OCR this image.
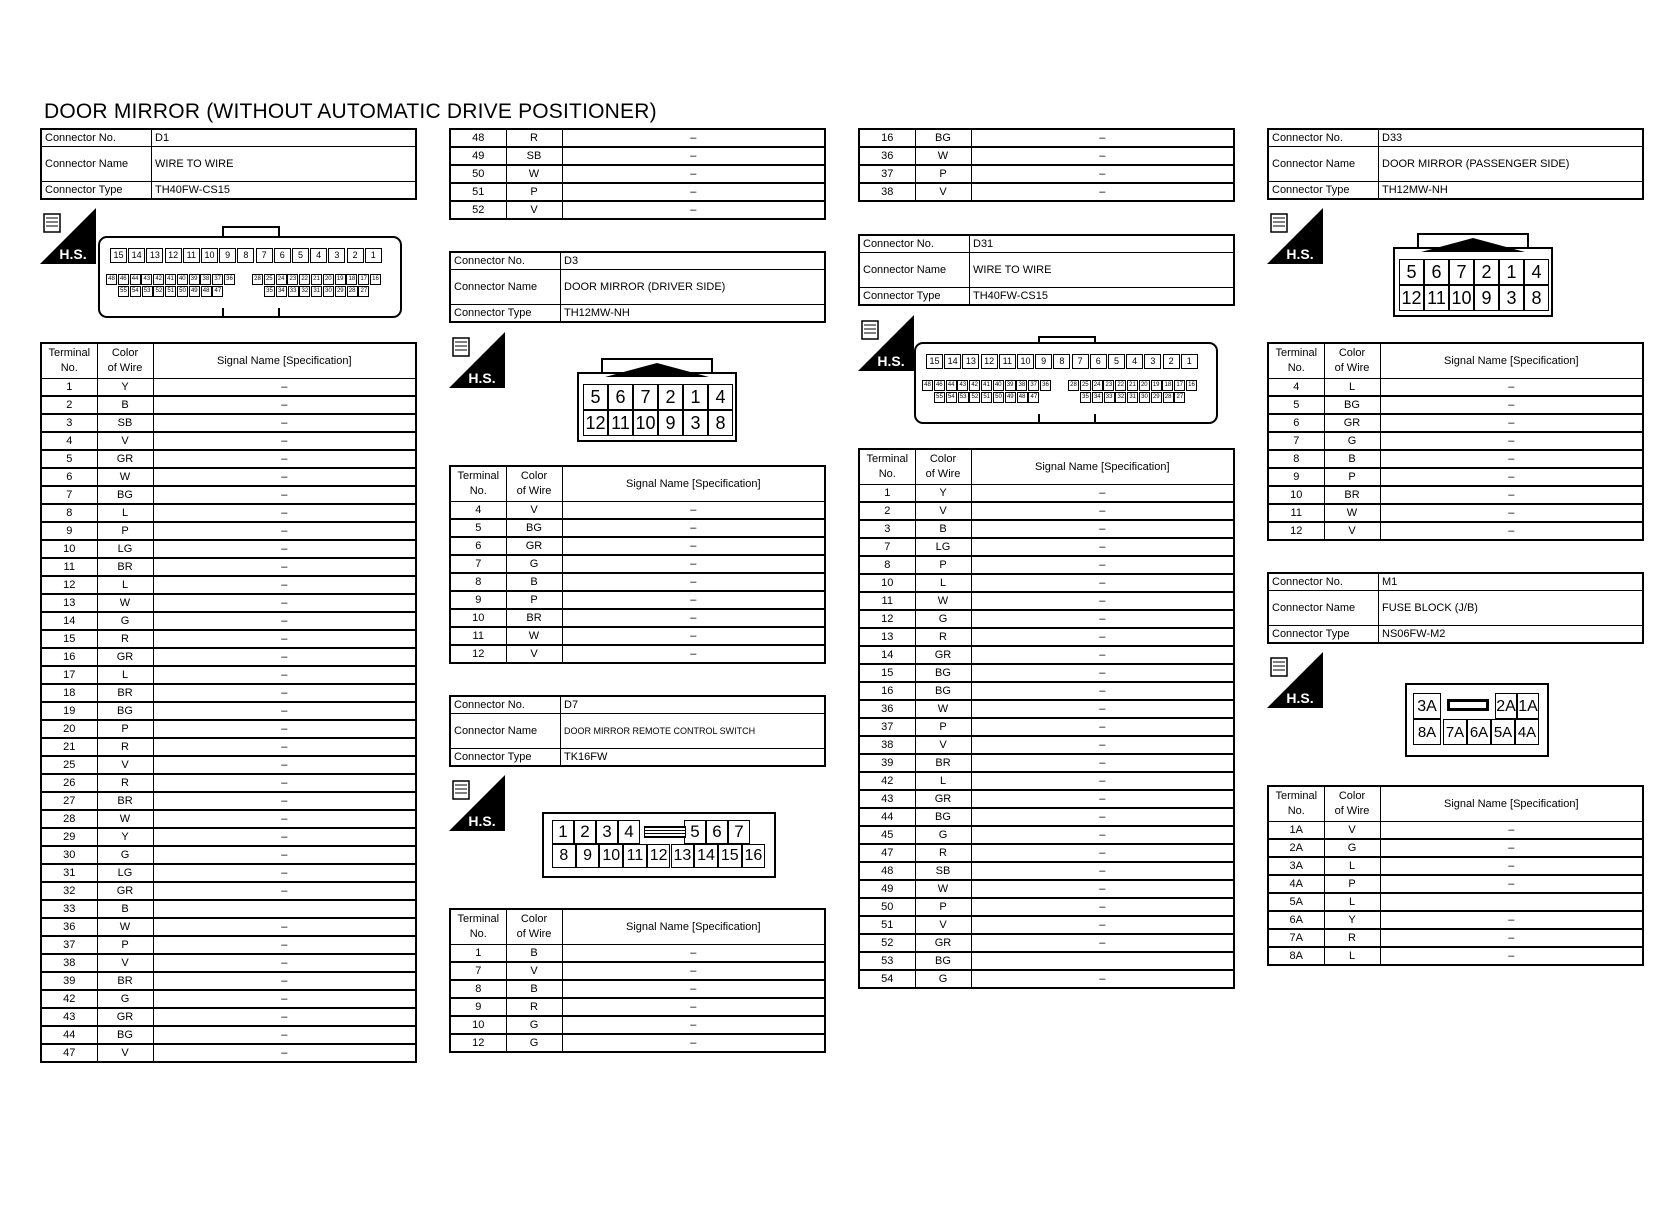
DOOR MIRROR (WITHOUT AUTOMATIC DRIVE POSITIONER)
Connector No.	D1
Connector Name	WIRE TO WIRE
Connector Type	TH40FW-CS15
H.S.	15 14 13 12 11 10	9	8	7	6	5	4	3	2	1
48 46 44 43 42 41 40 39 38 37 36	28 25 24 23 22 21 20 19 18 17 16
55 54 53 52 51 50 49 48 47	35 34 33 32 31 30 29 28 27
Terminal
No.	Color
of Wire	Signal Name [Specification]
1	Y	–
2	B	–
3	SB	–
4	V	–
5	GR	–
6	W	–
7	BG	–
8	L	–
9	P	–
10	LG	–
11	BR	–
12	L	–
13	W	–
14	G	–
15	R	–
16	GR	–
17	L	–
18	BR	–
19	BG	–
20	P	–
21	R	–
25	V	–
26	R	–
27	BR	–
28	W	–
29	Y	–
30	G	–
31	LG	–
32	GR	–
33	B	
36	W	–
37	P	–
38	V	–
39	BR	–
42	G	–
43	GR	–
44	BG	–
47	V	–
48	R	–
49	SB	–
50	W	–
51	P	–
52	V	–
Connector No.	D3
Connector Name	DOOR MIRROR (DRIVER SIDE)
Connector Type	TH12MW-NH
H.S.
5 6 7 2 1 4
12 11 10 9 3 8
Terminal
No.	Color
of Wire	Signal Name [Specification]
4	V	–
5	BG	–
6	GR	–
7	G	–
8	B	–
9	P	–
10	BR	–
11	W	–
12	V	–
Connector No.	D7
Connector Name	DOOR MIRROR REMOTE CONTROL SWITCH
Connector Type	TK16FW
H.S.
1 2 3 4	5 6 7
8 9 10 11 12 13 14 15 16
Terminal
No.	Color
of Wire	Signal Name [Specification]
1	B	–
7	V	–
8	B	–
9	R	–
10	G	–
12	G	–
16	BG	–
36	W	–
37	P	–
38	V	–
Connector No.	D31
Connector Name	WIRE TO WIRE
Connector Type	TH40FW-CS15
H.S.	15 14 13 12 11 10	9	8	7	6	5	4	3	2	1
48 46 44 43 42 41 40 39 38 37 36	28 25 24 23 22 21 20 19 18 17 16
55 54 53 52 51 50 49 48 47	35 34 33 32 31 30 29 28 27
Terminal
No.	Color
of Wire	Signal Name [Specification]
1	Y	–
2	V	–
3	B	–
7	LG	–
8	P	–
10	L	–
11	W	–
12	G	–
13	R	–
14	GR	–
15	BG	–
16	BG	–
36	W	–
37	P	–
38	V	–
39	BR	–
42	L	–
43	GR	–
44	BG	–
45	G	–
47	R	–
48	SB	–
49	W	–
50	P	–
51	V	–
52	GR	–
53	BG	
54	G	–
Connector No.	D33
Connector Name	DOOR MIRROR (PASSENGER SIDE)
Connector Type	TH12MW-NH
H.S.
5 6 7 2 1 4
12 11 10 9 3 8
Terminal
No.	Color
of Wire	Signal Name [Specification]
4	L	–
5	BG	–
6	GR	–
7	G	–
8	B	–
9	P	–
10	BR	–
11	W	–
12	V	–
Connector No.	M1
Connector Name	FUSE BLOCK (J/B)
Connector Type	NS06FW-M2
H.S.	3A	2A 1A
8A 7A 6A 5A 4A
Terminal
No.	Color
of Wire	Signal Name [Specification]
1A	V	–
2A	G	–
3A	L	–
4A	P	–
5A	L	
6A	Y	–
7A	R	–
8A	L	–
